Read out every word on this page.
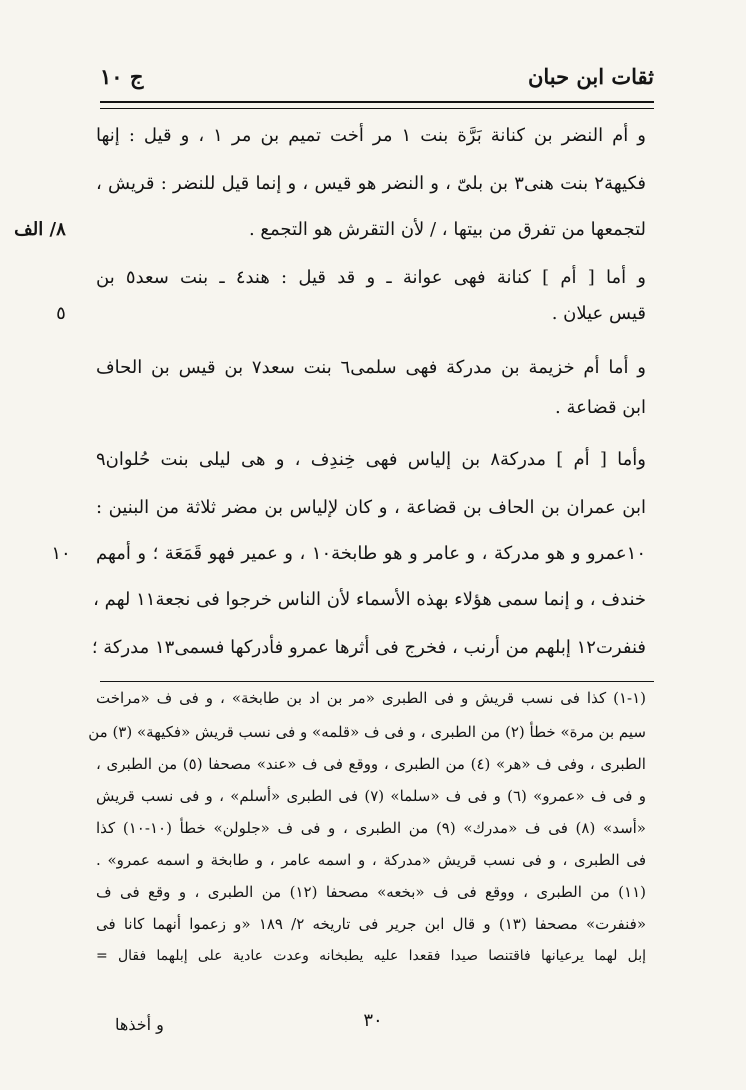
ثقات ابن حبان
ج ١٠
و أم النضر بن كنانة بَرَّة بنت ١ مر أخت تميم بن مر ١ ، و قيل : إنها
فكيهة٢ بنت هنى٣ بن بلىّ ، و النضر هو قيس ، و إنما قيل للنضر : قريش ،
لتجمعها من تفرق من بيتها ، / لأن التقرش هو التجمع .
و أما [ أم ] كنانة فهى عوانة ـ و قد قيل : هند٤ ـ بنت سعد٥ بن
قيس عيلان .
و أما أم خزيمة بن مدركة فهى سلمى٦ بنت سعد٧ بن قيس بن الحاف
ابن قضاعة .
وأما [ أم ] مدركة٨ بن إلياس فهى خِندِف ، و هى ليلى بنت حُلوان٩
ابن عمران بن الحاف بن قضاعة ، و كان لإلياس بن مضر ثلاثة من البنين :
١٠عمرو و هو مدركة ، و عامر و هو طابخة١٠ ، و عمير فهو قَمَعَة ؛ و أمهم
خندف ، و إنما سمى هؤلاء بهذه الأسماء لأن الناس خرجوا فى نجعة١١ لهم ،
فنفرت١٢ إبلهم من أرنب ، فخرج فى أثرها عمرو فأدركها فسمى١٣ مدركة ؛
٨/ الف
٥
١٠
(١-١) كذا فى نسب قريش و فى الطبرى «مر بن اد بن طابخة» ، و فى ف «مراخت
سيم بن مرة» خطأ (٢) من الطبرى ، و فى ف «قلمه» و فى نسب قريش «فكيهة» (٣) من
الطبرى ، وفى ف «هر» (٤) من الطبرى ، ووقع فى ف «عند» مصحفا (٥) من الطبرى ،
و فى ف «عمرو» (٦) و فى ف «سلما» (٧) فى الطبرى «أسلم» ، و فى نسب قريش
«أسد» (٨) فى ف «مدرك» (٩) من الطبرى ، و فى ف «جلولن» خطأ (١٠-١٠) كذا
فى الطبرى ، و فى نسب قريش «مدركة ، و اسمه عامر ، و طابخة و اسمه عمرو» .
(١١) من الطبرى ، ووقع فى ف «بخعه» مصحفا (١٢) من الطبرى ، و وقع فى ف
«فنفرت» مصحفا (١٣) و قال ابن جرير فى تاريخه ٢/ ١٨٩ «و زعموا أنهما كانا فى
إبل لهما يرعيانها فاقتنصا صيدا فقعدا عليه يطبخانه وعدت عادية على إبلهما فقال =
٣٠
و أخذها
